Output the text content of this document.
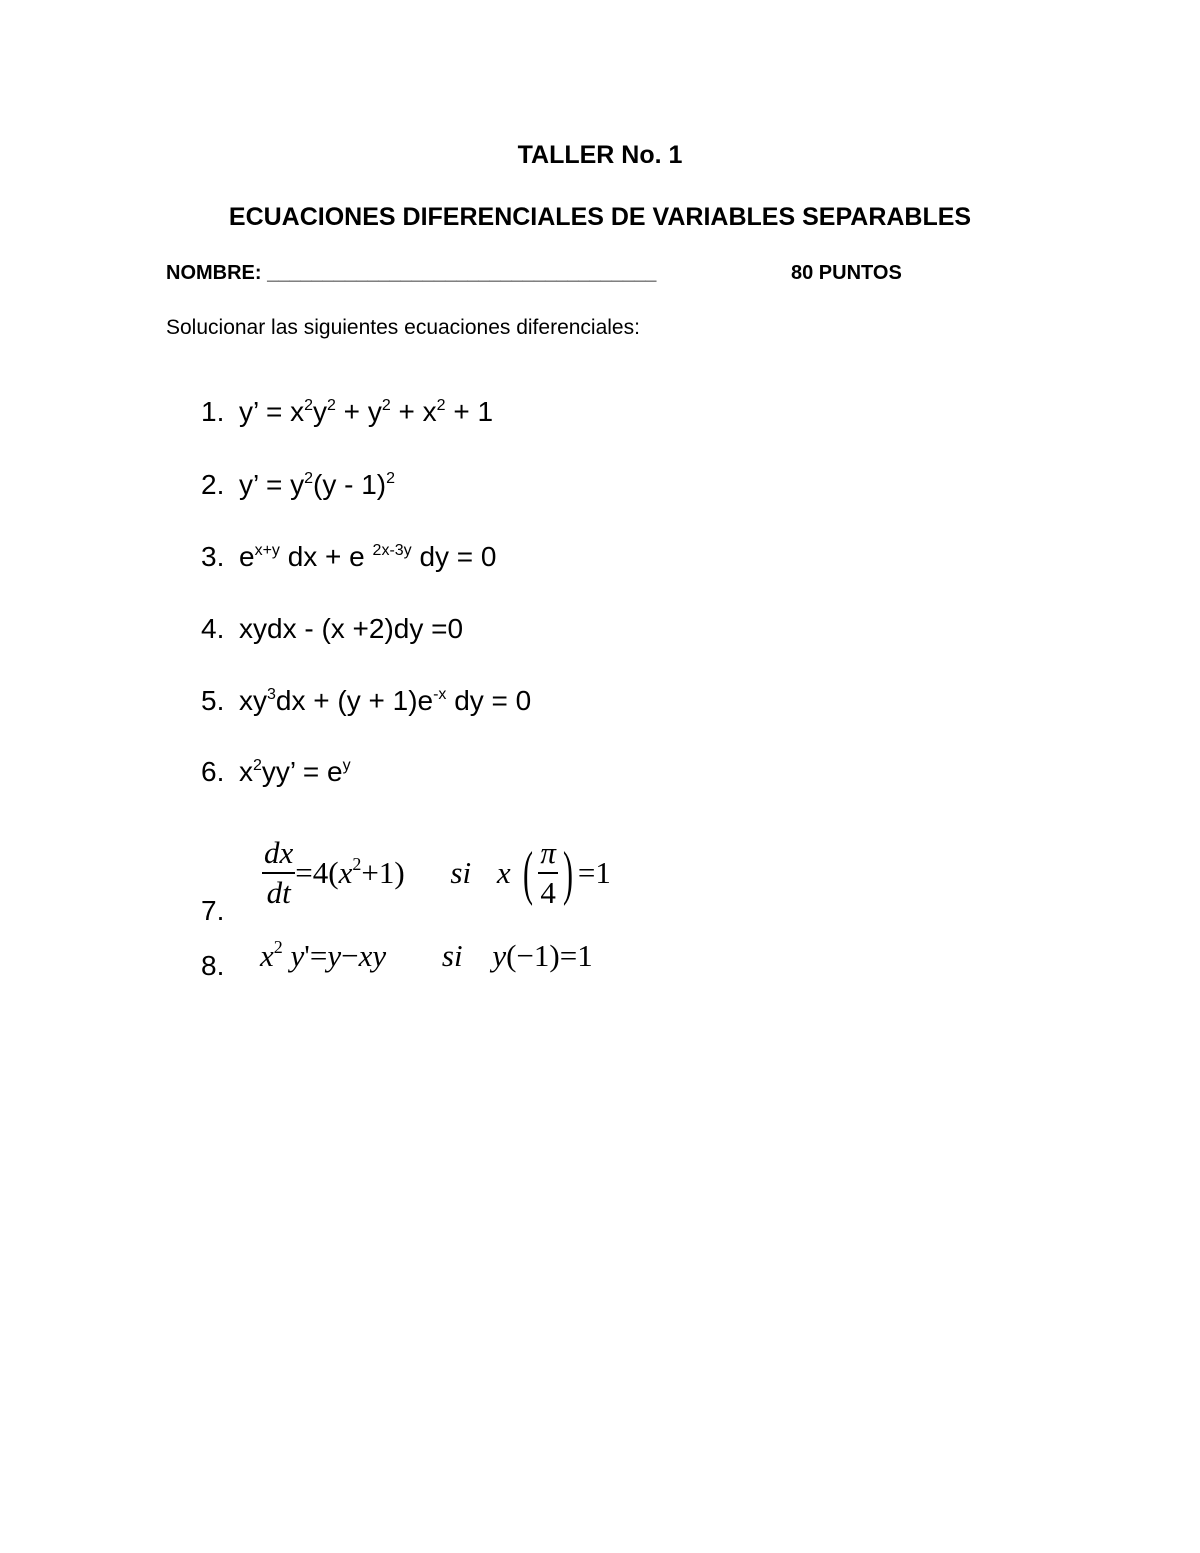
TALLER No. 1
ECUACIONES DIFERENCIALES DE VARIABLES SEPARABLES
NOMBRE: ___________________________________	80 PUNTOS
Solucionar las siguientes ecuaciones diferenciales:
1. y’ = $x^2y^2 + y^2 + x^2 + 1$
2. y’ = $y^2(y - 1)^2$
3. $e^{x+y}$ dx + e $^{2x-3y}$ dy = 0
4. xydx - (x +2)dy =0
5. $xy^3dx + (y + 1)e^{-x}$ dy = 0
6. $x^2yy$’ = $e^y$
7.	$\frac{dx}{dt} =4(x^2+1)$ si x ( $\frac{\pi}{4}$ ) =1
8.	$x^2$ y'=y−xy si y(−1)=1
